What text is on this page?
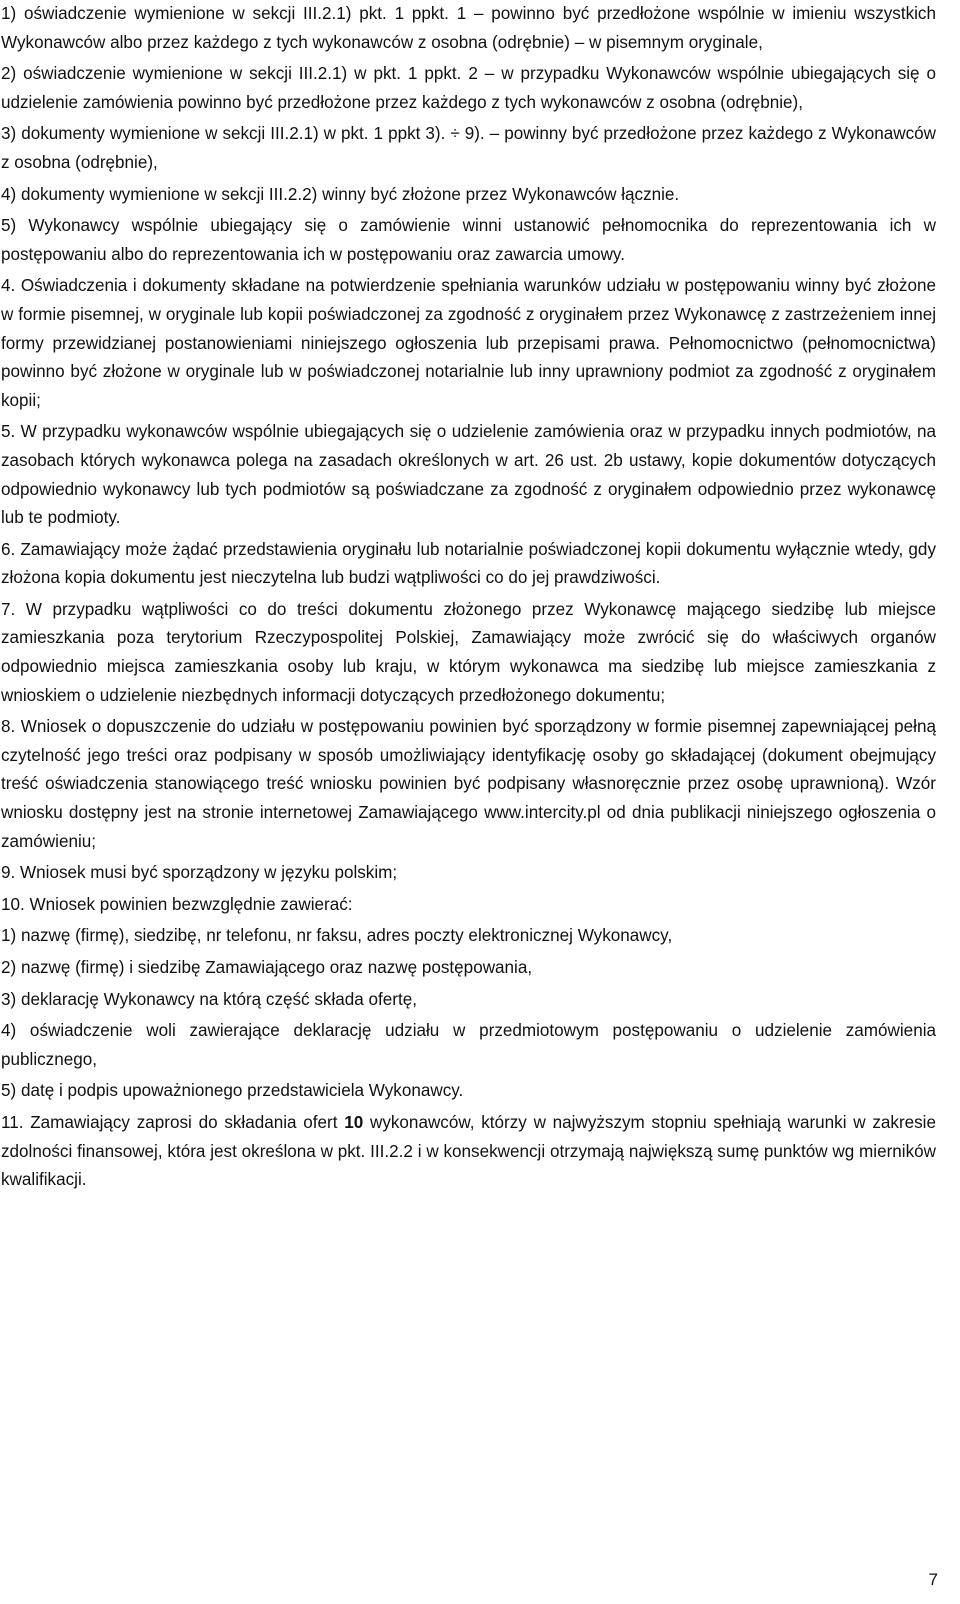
1) oświadczenie wymienione w sekcji III.2.1) pkt. 1 ppkt. 1 – powinno być przedłożone wspólnie w imieniu wszystkich Wykonawców albo przez każdego z tych wykonawców z osobna (odrębnie) – w pisemnym oryginale,

2) oświadczenie wymienione w sekcji III.2.1) w pkt. 1 ppkt. 2 – w przypadku Wykonawców wspólnie ubiegających się o udzielenie zamówienia powinno być przedłożone przez każdego z tych wykonawców z osobna (odrębnie),

3) dokumenty wymienione w sekcji III.2.1) w pkt. 1 ppkt 3). ÷ 9). – powinny być przedłożone przez każdego z Wykonawców z osobna (odrębnie),

4) dokumenty wymienione w sekcji III.2.2) winny być złożone przez Wykonawców łącznie.

5) Wykonawcy wspólnie ubiegający się o zamówienie winni ustanowić pełnomocnika do reprezentowania ich w postępowaniu albo do reprezentowania ich w postępowaniu oraz zawarcia umowy.

4. Oświadczenia i dokumenty składane na potwierdzenie spełniania warunków udziału w postępowaniu winny być złożone w formie pisemnej, w oryginale lub kopii poświadczonej za zgodność z oryginałem przez Wykonawcę z zastrzeżeniem innej formy przewidzianej postanowieniami niniejszego ogłoszenia lub przepisami prawa. Pełnomocnictwo (pełnomocnictwa) powinno być złożone w oryginale lub w poświadczonej notarialnie lub inny uprawniony podmiot za zgodność z oryginałem kopii;

5. W przypadku wykonawców wspólnie ubiegających się o udzielenie zamówienia oraz w przypadku innych podmiotów, na zasobach których wykonawca polega na zasadach określonych w art. 26 ust. 2b ustawy, kopie dokumentów dotyczących odpowiednio wykonawcy lub tych podmiotów są poświadczane za zgodność z oryginałem odpowiednio przez wykonawcę lub te podmioty.

6. Zamawiający może żądać przedstawienia oryginału lub notarialnie poświadczonej kopii dokumentu wyłącznie wtedy, gdy złożona kopia dokumentu jest nieczytelna lub budzi wątpliwości co do jej prawdziwości.

7. W przypadku wątpliwości co do treści dokumentu złożonego przez Wykonawcę mającego siedzibę lub miejsce zamieszkania poza terytorium Rzeczypospolitej Polskiej, Zamawiający może zwrócić się do właściwych organów odpowiednio miejsca zamieszkania osoby lub kraju, w którym wykonawca ma siedzibę lub miejsce zamieszkania z wnioskiem o udzielenie niezbędnych informacji dotyczących przedłożonego dokumentu;

8. Wniosek o dopuszczenie do udziału w postępowaniu powinien być sporządzony w formie pisemnej zapewniającej pełną czytelność jego treści oraz podpisany w sposób umożliwiający identyfikację osoby go składającej (dokument obejmujący treść oświadczenia stanowiącego treść wniosku powinien być podpisany własnoręcznie przez osobę uprawnioną). Wzór wniosku dostępny jest na stronie internetowej Zamawiającego www.intercity.pl od dnia publikacji niniejszego ogłoszenia o zamówieniu;

9. Wniosek musi być sporządzony w języku polskim;

10. Wniosek powinien bezwzględnie zawierać:

1) nazwę (firmę), siedzibę, nr telefonu, nr faksu, adres poczty elektronicznej Wykonawcy,

2) nazwę (firmę) i siedzibę Zamawiającego oraz nazwę postępowania,

3) deklarację Wykonawcy na którą część składa ofertę,

4) oświadczenie woli zawierające deklarację udziału w przedmiotowym postępowaniu o udzielenie zamówienia publicznego,

5) datę i podpis upoważnionego przedstawiciela Wykonawcy.

11. Zamawiający zaprosi do składania ofert 10 wykonawców, którzy w najwyższym stopniu spełniają warunki w zakresie zdolności finansowej, która jest określona w pkt. III.2.2 i w konsekwencji otrzymają największą sumę punktów wg mierników kwalifikacji.

7
